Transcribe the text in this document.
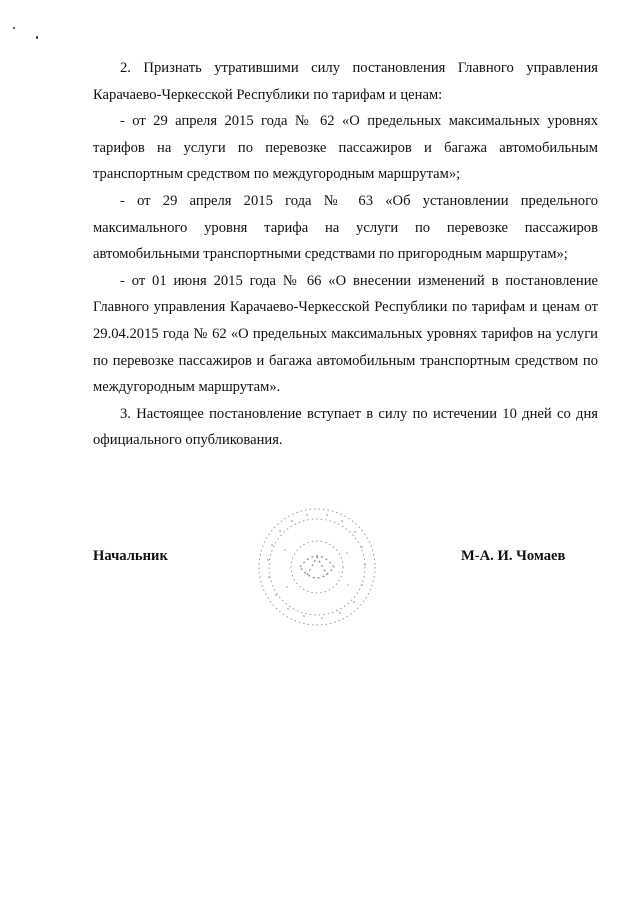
2. Признать утратившими силу постановления Главного управления Карачаево-Черкесской Республики по тарифам и ценам:

- от 29 апреля 2015 года № 62 «О предельных максимальных уровнях тарифов на услуги по перевозке пассажиров и багажа автомобильным транспортным средством по междугородным маршрутам»;

- от 29 апреля 2015 года № 63 «Об установлении предельного максимального уровня тарифа на услуги по перевозке пассажиров автомобильными транспортными средствами по пригородным маршрутам»;

- от 01 июня 2015 года № 66 «О внесении изменений в постановление Главного управления Карачаево-Черкесской Республики по тарифам и ценам от 29.04.2015 года № 62 «О предельных максимальных уровнях тарифов на услуги по перевозке пассажиров и багажа автомобильным транспортным средством по междугородным маршрутам».

3. Настоящее постановление вступает в силу по истечении 10 дней со дня официального опубликования.

Начальник	М-А. И. Чомаев
